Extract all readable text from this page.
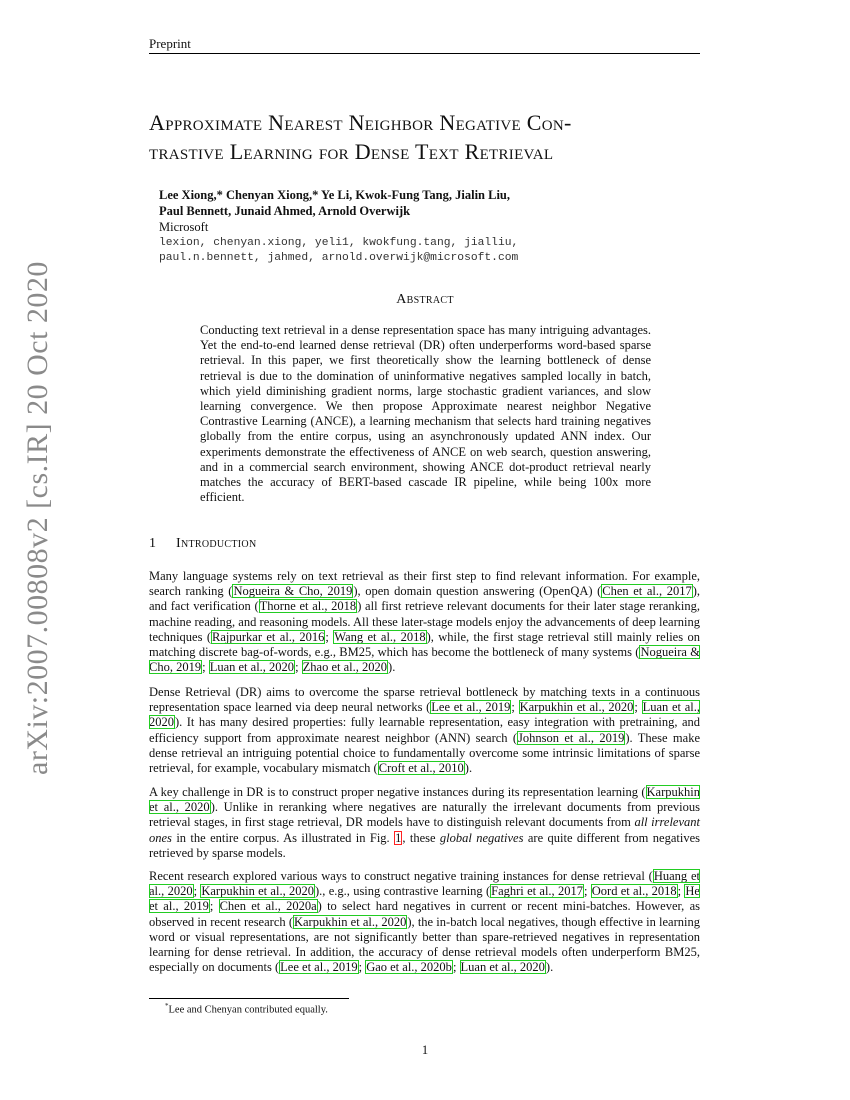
Preprint
Approximate Nearest Neighbor Negative Con-
trastive Learning for Dense Text Retrieval
Lee Xiong,* Chenyan Xiong,* Ye Li, Kwok-Fung Tang, Jialin Liu,
Paul Bennett, Junaid Ahmed, Arnold Overwijk
Microsoft
lexion, chenyan.xiong, yeli1, kwokfung.tang, jialliu,
paul.n.bennett, jahmed, arnold.overwijk@microsoft.com
Abstract

Conducting text retrieval in a dense representation space has many intriguing advantages. Yet the end-to-end learned dense retrieval (DR) often underperforms word-based sparse retrieval. In this paper, we first theoretically show the learning bottleneck of dense retrieval is due to the domination of uninformative negatives sampled locally in batch, which yield diminishing gradient norms, large stochastic gradient variances, and slow learning convergence. We then propose Approximate nearest neighbor Negative Contrastive Learning (ANCE), a learning mechanism that selects hard training negatives globally from the entire corpus, using an asynchronously updated ANN index. Our experiments demonstrate the effectiveness of ANCE on web search, question answering, and in a commercial search environment, showing ANCE dot-product retrieval nearly matches the accuracy of BERT-based cascade IR pipeline, while being 100x more efficient.

1 Introduction

Many language systems rely on text retrieval as their first step to find relevant information. For example, search ranking (Nogueira & Cho, 2019), open domain question answering (OpenQA) (Chen et al., 2017), and fact verification (Thorne et al., 2018) all first retrieve relevant documents for their later stage reranking, machine reading, and reasoning models. All these later-stage models enjoy the advancements of deep learning techniques (Rajpurkar et al., 2016; Wang et al., 2018), while, the first stage retrieval still mainly relies on matching discrete bag-of-words, e.g., BM25, which has become the bottleneck of many systems (Nogueira & Cho, 2019; Luan et al., 2020; Zhao et al., 2020).

Dense Retrieval (DR) aims to overcome the sparse retrieval bottleneck by matching texts in a continuous representation space learned via deep neural networks (Lee et al., 2019; Karpukhin et al., 2020; Luan et al., 2020). It has many desired properties: fully learnable representation, easy integration with pretraining, and efficiency support from approximate nearest neighbor (ANN) search (Johnson et al., 2019). These make dense retrieval an intriguing potential choice to fundamentally overcome some intrinsic limitations of sparse retrieval, for example, vocabulary mismatch (Croft et al., 2010).

A key challenge in DR is to construct proper negative instances during its representation learning (Karpukhin et al., 2020). Unlike in reranking where negatives are naturally the irrelevant documents from previous retrieval stages, in first stage retrieval, DR models have to distinguish relevant documents from all irrelevant ones in the entire corpus. As illustrated in Fig. 1, these global negatives are quite different from negatives retrieved by sparse models.

Recent research explored various ways to construct negative training instances for dense retrieval (Huang et al., 2020; Karpukhin et al., 2020)., e.g., using contrastive learning (Faghri et al., 2017; Oord et al., 2018; He et al., 2019; Chen et al., 2020a) to select hard negatives in current or recent mini-batches. However, as observed in recent research (Karpukhin et al., 2020), the in-batch local negatives, though effective in learning word or visual representations, are not significantly better than spare-retrieved negatives in representation learning for dense retrieval. In addition, the accuracy of dense retrieval models often underperform BM25, especially on documents (Lee et al., 2019; Gao et al., 2020b; Luan et al., 2020).

arXiv:2007.00808v2 [cs.IR] 20 Oct 2020
*Lee and Chenyan contributed equally.
1
